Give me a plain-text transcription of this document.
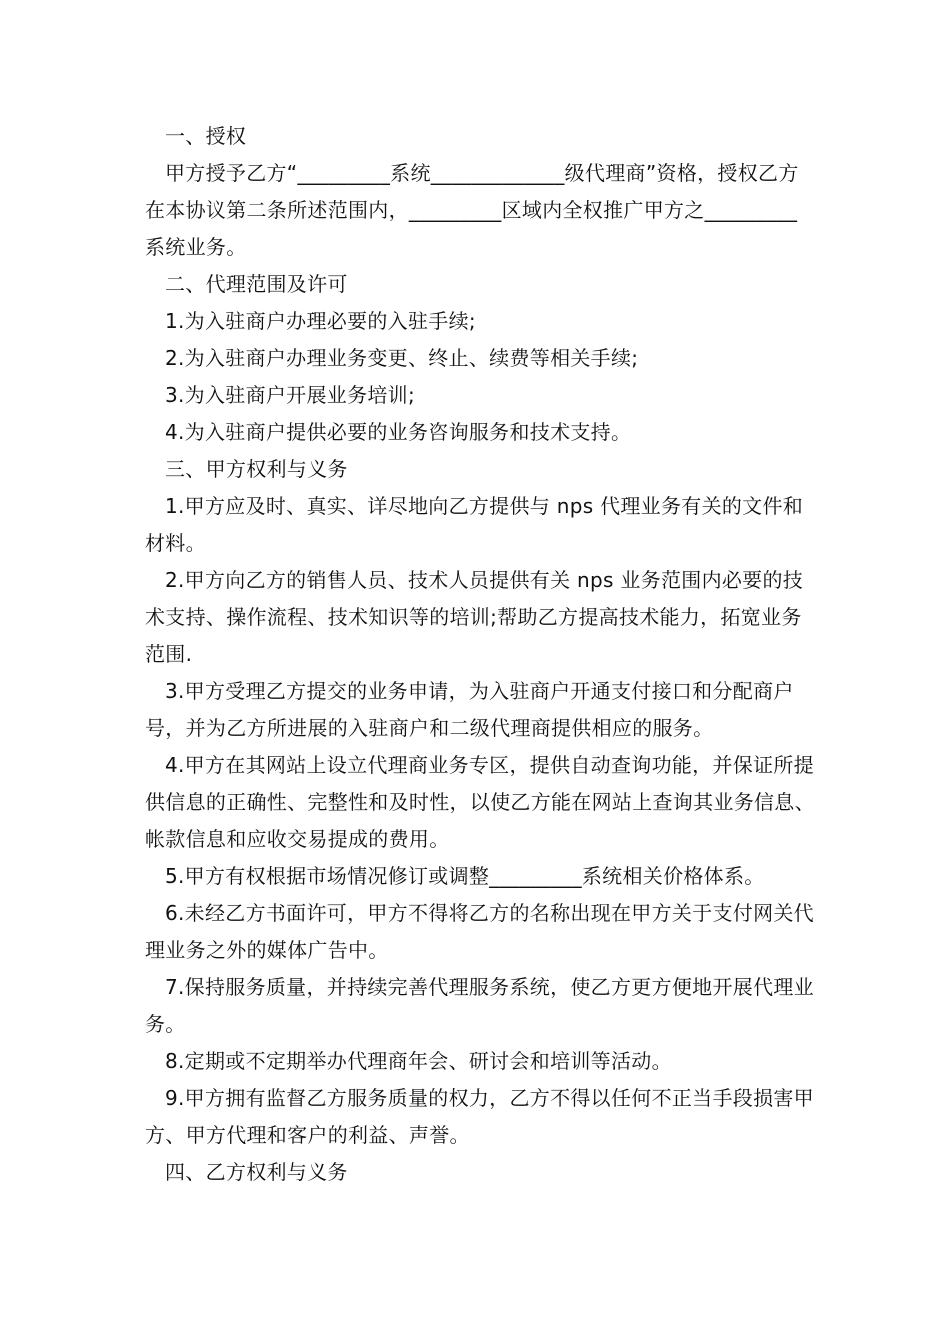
一、授权

甲方授予乙方“_________系统_____________级代理商”资格，授权乙方在本协议第二条所述范围内，_________区域内全权推广甲方之_________系统业务。

二、代理范围及许可

1.为入驻商户办理必要的入驻手续;

2.为入驻商户办理业务变更、终止、续费等相关手续;

3.为入驻商户开展业务培训;

4.为入驻商户提供必要的业务咨询服务和技术支持。

三、甲方权利与义务

1.甲方应及时、真实、详尽地向乙方提供与 nps 代理业务有关的文件和材料。

2.甲方向乙方的销售人员、技术人员提供有关 nps 业务范围内必要的技术支持、操作流程、技术知识等的培训;帮助乙方提高技术能力，拓宽业务范围.

3.甲方受理乙方提交的业务申请，为入驻商户开通支付接口和分配商户号，并为乙方所进展的入驻商户和二级代理商提供相应的服务。

4.甲方在其网站上设立代理商业务专区，提供自动查询功能，并保证所提供信息的正确性、完整性和及时性，以使乙方能在网站上查询其业务信息、帐款信息和应收交易提成的费用。

5.甲方有权根据市场情况修订或调整_________系统相关价格体系。

6.未经乙方书面许可，甲方不得将乙方的名称出现在甲方关于支付网关代理业务之外的媒体广告中。

7.保持服务质量，并持续完善代理服务系统，使乙方更方便地开展代理业务。

8.定期或不定期举办代理商年会、研讨会和培训等活动。

9.甲方拥有监督乙方服务质量的权力，乙方不得以任何不正当手段损害甲方、甲方代理和客户的利益、声誉。

四、乙方权利与义务
